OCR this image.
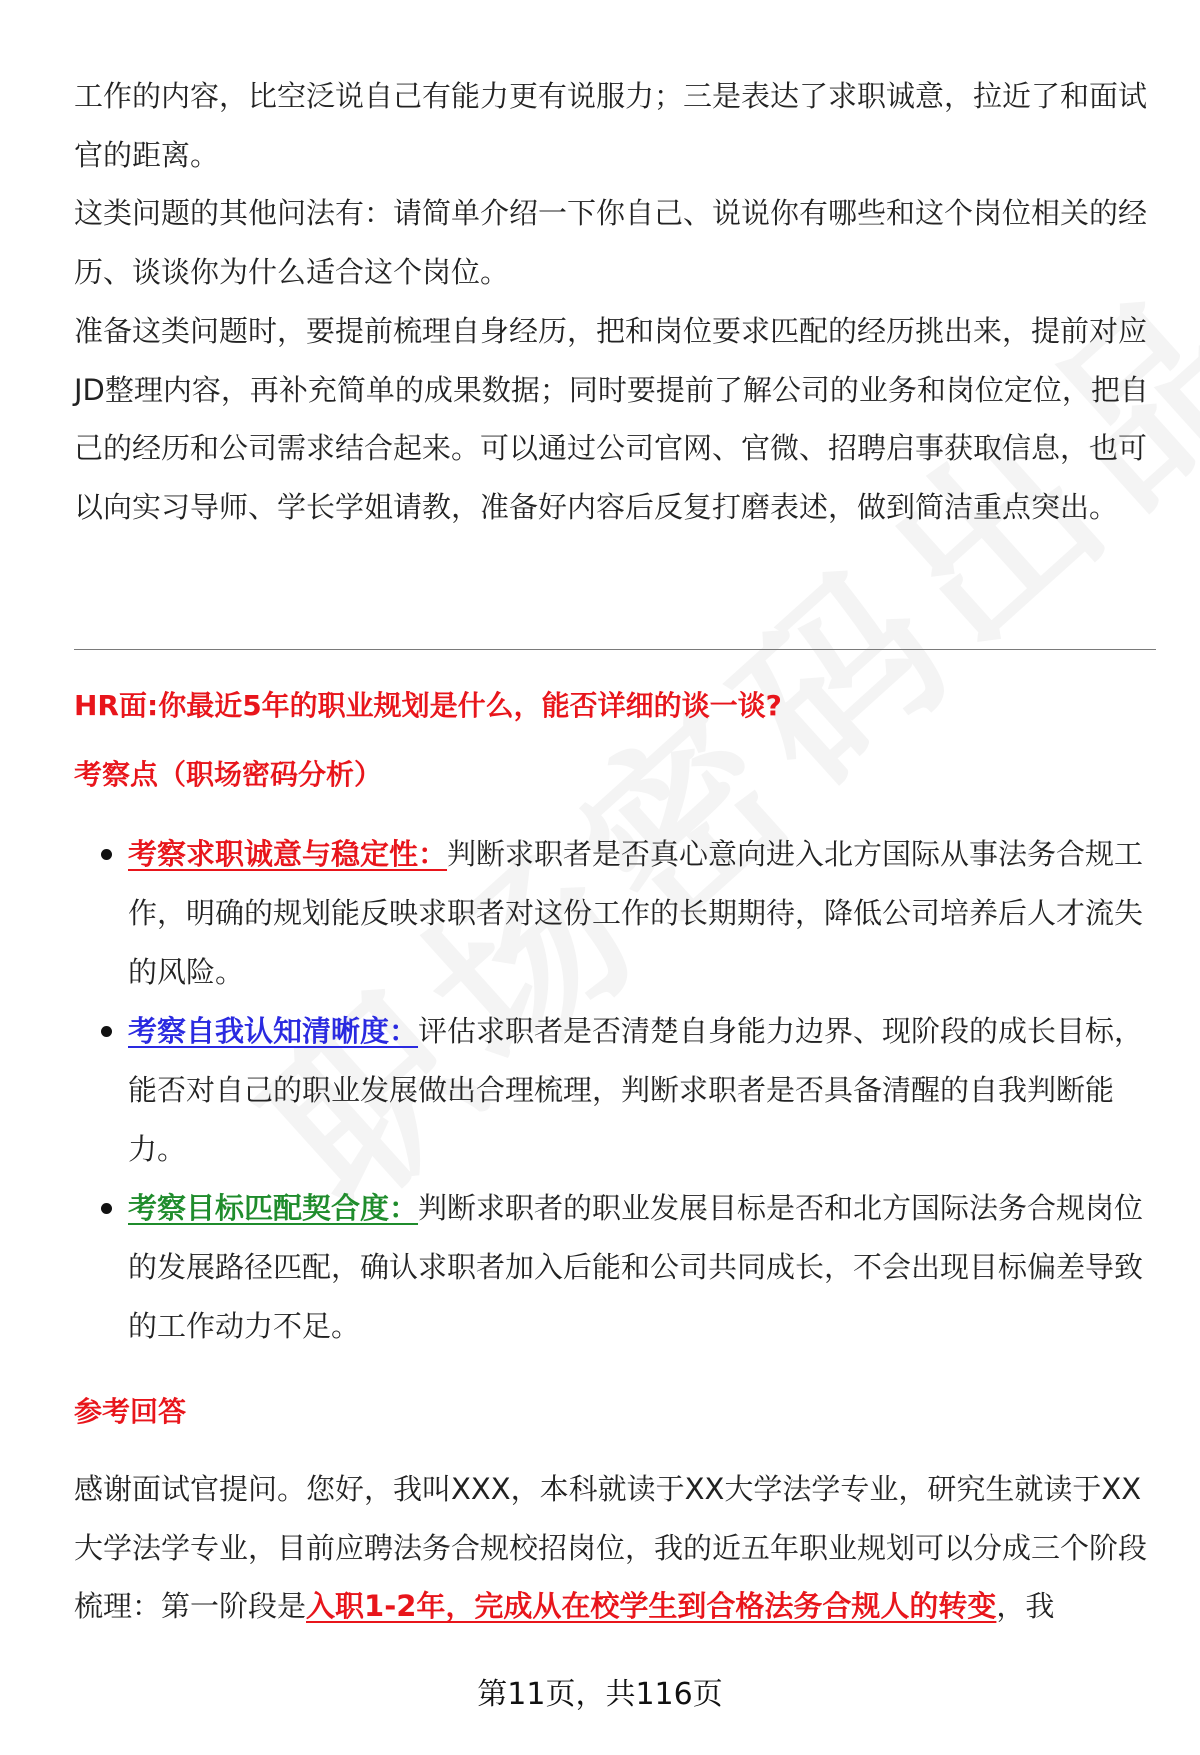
工作的内容，比空泛说自己有能力更有说服力；三是表达了求职诚意，拉近了和面试官的距离。

这类问题的其他问法有：请简单介绍一下你自己、说说你有哪些和这个岗位相关的经历、谈谈你为什么适合这个岗位。

准备这类问题时，要提前梳理自身经历，把和岗位要求匹配的经历挑出来，提前对应JD整理内容，再补充简单的成果数据；同时要提前了解公司的业务和岗位定位，把自己的经历和公司需求结合起来。可以通过公司官网、官微、招聘启事获取信息，也可以向实习导师、学长学姐请教，准备好内容后反复打磨表述，做到简洁重点突出。

HR面:你最近5年的职业规划是什么，能否详细的谈一谈?
考察点（职场密码分析）
考察求职诚意与稳定性：判断求职者是否真心意向进入北方国际从事法务合规工作，明确的规划能反映求职者对这份工作的长期期待，降低公司培养后人才流失的风险。
考察自我认知清晰度：评估求职者是否清楚自身能力边界、现阶段的成长目标，能否对自己的职业发展做出合理梳理，判断求职者是否具备清醒的自我判断能力。
考察目标匹配契合度：判断求职者的职业发展目标是否和北方国际法务合规岗位的发展路径匹配，确认求职者加入后能和公司共同成长，不会出现目标偏差导致的工作动力不足。
参考回答

感谢面试官提问。您好，我叫XXX，本科就读于XX大学法学专业，研究生就读于XX大学法学专业，目前应聘法务合规校招岗位，我的近五年职业规划可以分成三个阶段梳理：第一阶段是入职1-2年，完成从在校学生到合格法务合规人的转变，我

第11页，共116页
